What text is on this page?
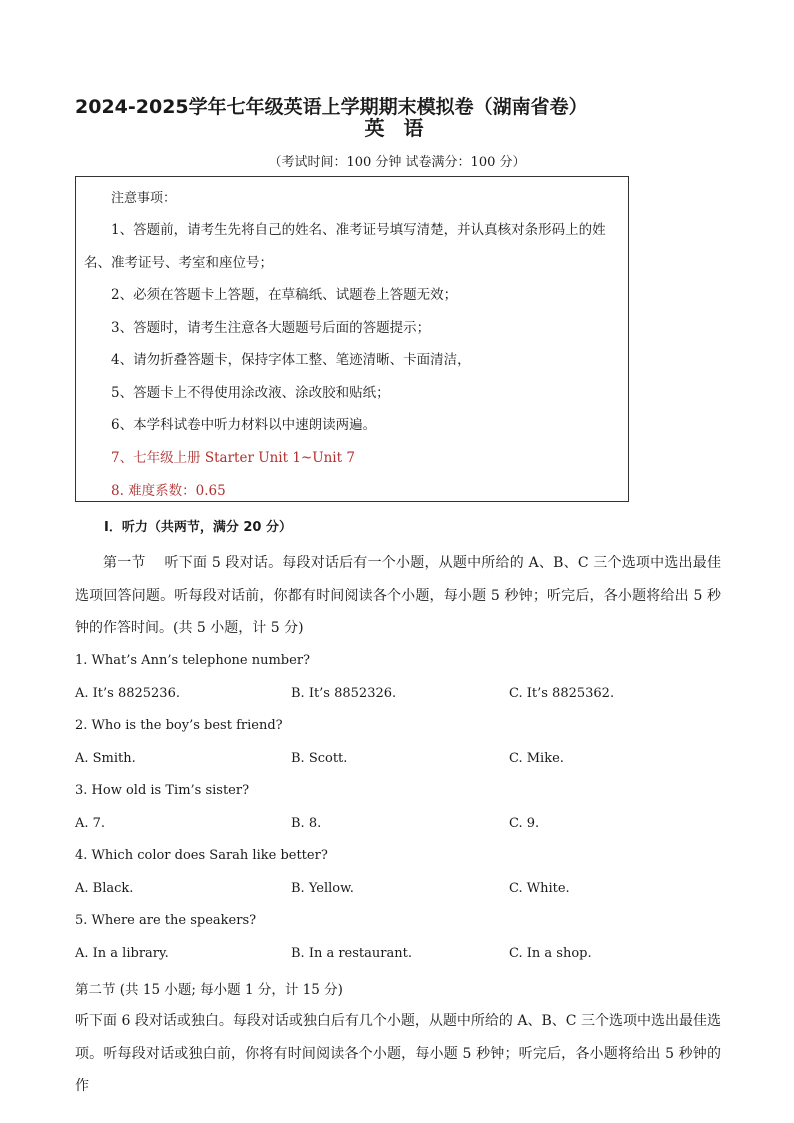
2024-2025学年七年级英语上学期期末模拟卷（湖南省卷）
英 语
（考试时间：100 分钟 试卷满分：100 分）
注意事项：
1、答题前，请考生先将自己的姓名、准考证号填写清楚，并认真核对条形码上的姓
名、准考证号、考室和座位号；
2、必须在答题卡上答题，在草稿纸、试题卷上答题无效；
3、答题时，请考生注意各大题题号后面的答题提示；
4、请勿折叠答题卡，保持字体工整、笔迹清晰、卡面清洁，
5、答题卡上不得使用涂改液、涂改胶和贴纸；
6、本学科试卷中听力材料以中速朗读两遍。
7、七年级上册 Starter Unit 1~Unit 7
8. 难度系数：0.65
I．听力（共两节，满分 20 分）
第一节　 听下面 5 段对话。每段对话后有一个小题，从题中所给的 A、B、C 三个选项中选出最佳选项回答问题。听每段对话前，你都有时间阅读各个小题，每小题 5 秒钟；听完后，各小题将给出 5 秒钟的作答时间。(共 5 小题，计 5 分)
1. What’s Ann’s telephone number?
A. It’s 8825236.	B. It’s 8852326.	C. It’s 8825362.
2. Who is the boy’s best friend?
A. Smith.	B. Scott.	C. Mike.
3. How old is Tim’s sister?
A. 7.	B. 8.	C. 9.
4. Which color does Sarah like better?
A. Black.	B. Yellow.	C. White.
5. Where are the speakers?
A. In a library.	B. In a restaurant.	C. In a shop.
第二节 (共 15 小题; 每小题 1 分，计 15 分)
听下面 6 段对话或独白。每段对话或独白后有几个小题，从题中所给的 A、B、C 三个选项中选出最佳选项。听每段对话或独白前，你将有时间阅读各个小题，每小题 5 秒钟；听完后，各小题将给出 5 秒钟的作
